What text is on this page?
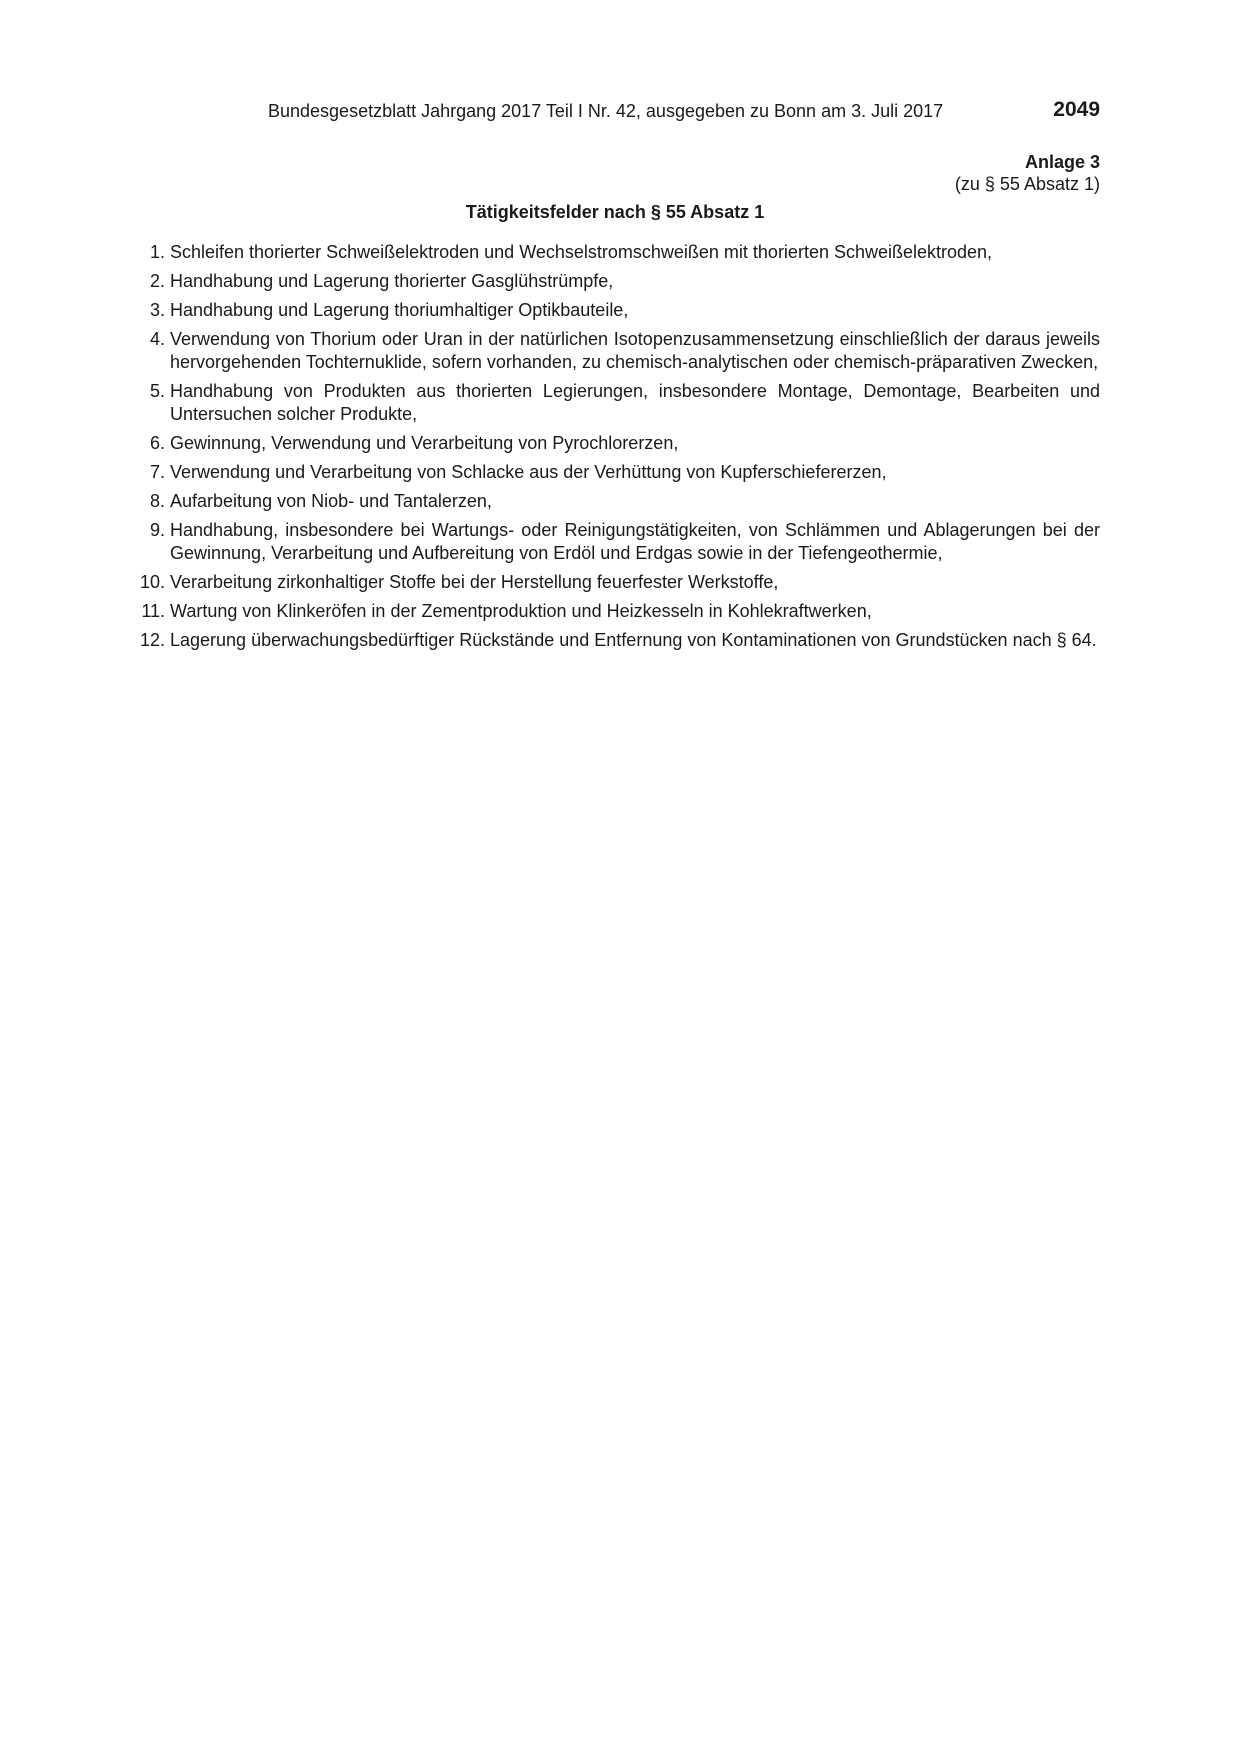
Bundesgesetzblatt Jahrgang 2017 Teil I Nr. 42, ausgegeben zu Bonn am 3. Juli 2017	2049
Anlage 3
(zu § 55 Absatz 1)
Tätigkeitsfelder nach § 55 Absatz 1
1. Schleifen thorierter Schweißelektroden und Wechselstromschweißen mit thorierten Schweißelektroden,
2. Handhabung und Lagerung thorierter Gasglühstrümpfe,
3. Handhabung und Lagerung thoriumhaltiger Optikbauteile,
4. Verwendung von Thorium oder Uran in der natürlichen Isotopenzusammensetzung einschließlich der daraus jeweils hervorgehenden Tochternuklide, sofern vorhanden, zu chemisch-analytischen oder chemisch-präparativen Zwecken,
5. Handhabung von Produkten aus thorierten Legierungen, insbesondere Montage, Demontage, Bearbeiten und Untersuchen solcher Produkte,
6. Gewinnung, Verwendung und Verarbeitung von Pyrochlorerzen,
7. Verwendung und Verarbeitung von Schlacke aus der Verhüttung von Kupferschiefererzen,
8. Aufarbeitung von Niob- und Tantalerzen,
9. Handhabung, insbesondere bei Wartungs- oder Reinigungstätigkeiten, von Schlämmen und Ablagerungen bei der Gewinnung, Verarbeitung und Aufbereitung von Erdöl und Erdgas sowie in der Tiefengeothermie,
10. Verarbeitung zirkonhaltiger Stoffe bei der Herstellung feuerfester Werkstoffe,
11. Wartung von Klinkeröfen in der Zementproduktion und Heizkesseln in Kohlekraftwerken,
12. Lagerung überwachungsbedürftiger Rückstände und Entfernung von Kontaminationen von Grundstücken nach § 64.
